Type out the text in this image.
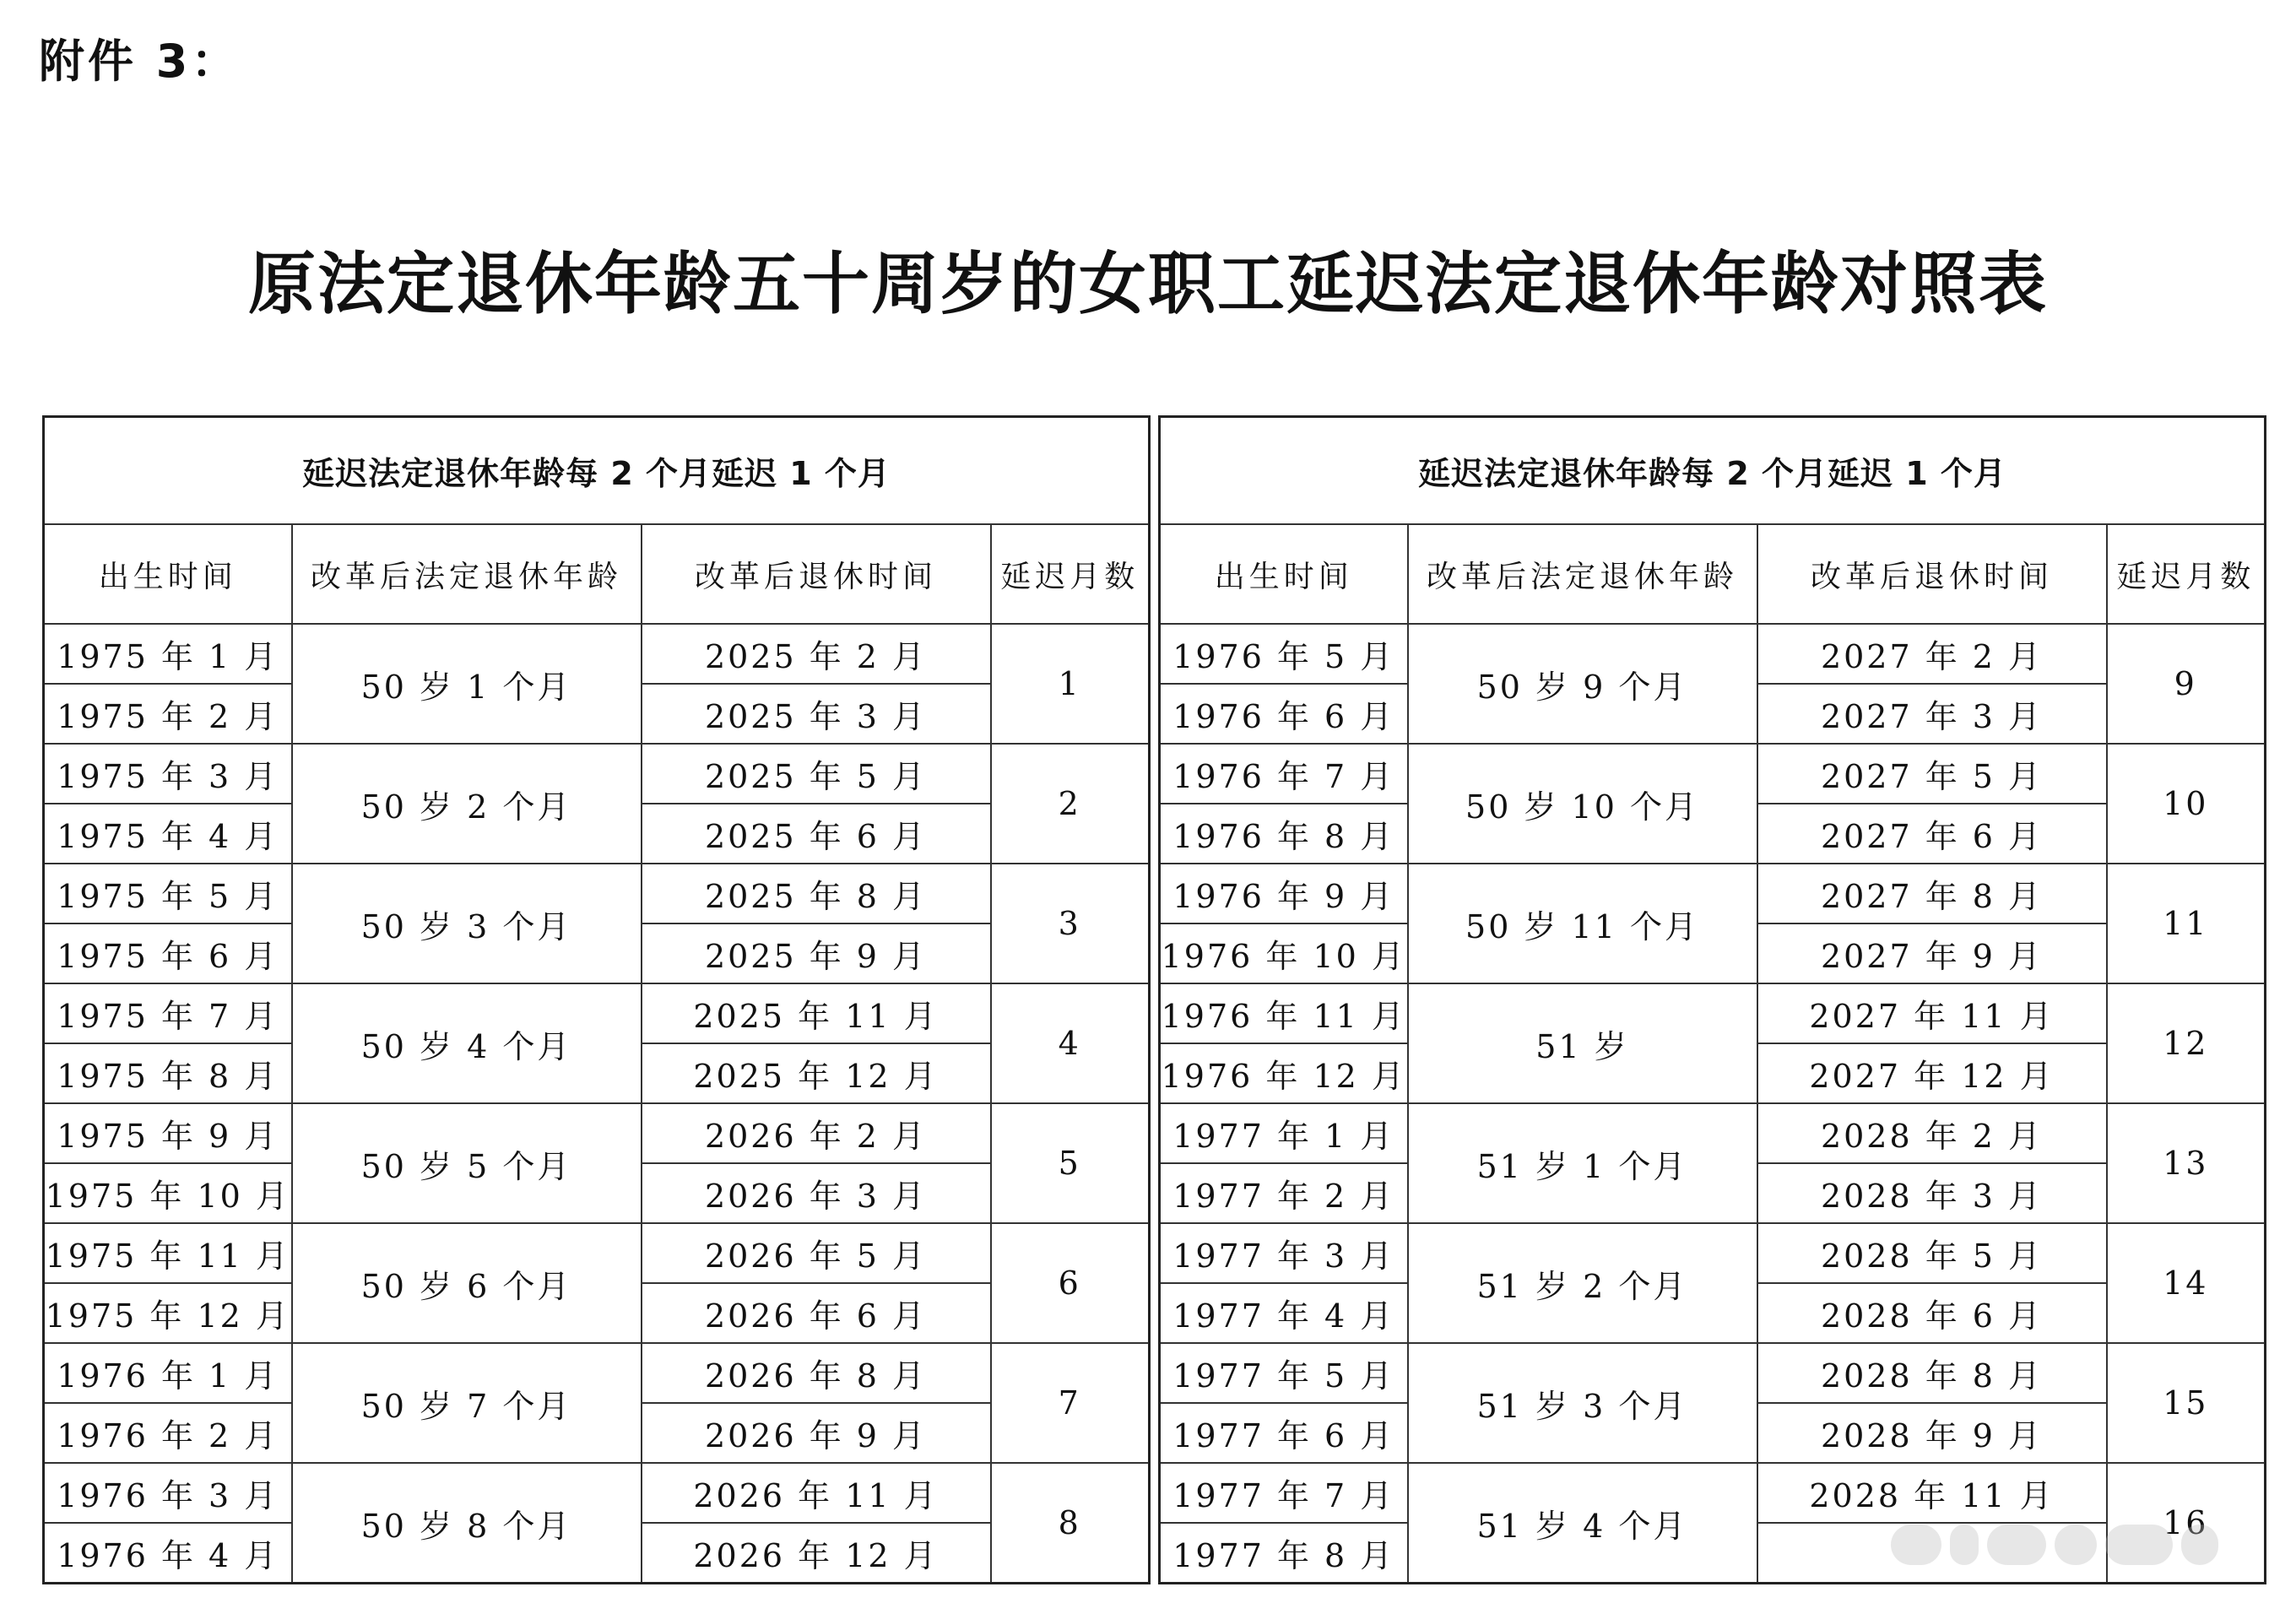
附件 3：
原法定退休年龄五十周岁的女职工延迟法定退休年龄对照表
延迟法定退休年龄每 2 个月延迟 1 个月			
出生时间	改革后法定退休年龄	改革后退休时间	延迟月数
1975 年 1 月	50 岁 1 个月	2025 年 2 月	1
1975 年 2 月		2025 年 3 月	
1975 年 3 月	50 岁 2 个月	2025 年 5 月	2
1975 年 4 月		2025 年 6 月	
1975 年 5 月	50 岁 3 个月	2025 年 8 月	3
1975 年 6 月		2025 年 9 月	
1975 年 7 月	50 岁 4 个月	2025 年 11 月	4
1975 年 8 月		2025 年 12 月	
1975 年 9 月	50 岁 5 个月	2026 年 2 月	5
1975 年 10 月		2026 年 3 月	
1975 年 11 月	50 岁 6 个月	2026 年 5 月	6
1975 年 12 月		2026 年 6 月	
1976 年 1 月	50 岁 7 个月	2026 年 8 月	7
1976 年 2 月		2026 年 9 月	
1976 年 3 月	50 岁 8 个月	2026 年 11 月	8
1976 年 4 月		2026 年 12 月	
延迟法定退休年龄每 2 个月延迟 1 个月			
出生时间	改革后法定退休年龄	改革后退休时间	延迟月数
1976 年 5 月	50 岁 9 个月	2027 年 2 月	9
1976 年 6 月		2027 年 3 月	
1976 年 7 月	50 岁 10 个月	2027 年 5 月	10
1976 年 8 月		2027 年 6 月	
1976 年 9 月	50 岁 11 个月	2027 年 8 月	11
1976 年 10 月		2027 年 9 月	
1976 年 11 月	51 岁	2027 年 11 月	12
1976 年 12 月		2027 年 12 月	
1977 年 1 月	51 岁 1 个月	2028 年 2 月	13
1977 年 2 月		2028 年 3 月	
1977 年 3 月	51 岁 2 个月	2028 年 5 月	14
1977 年 4 月		2028 年 6 月	
1977 年 5 月	51 岁 3 个月	2028 年 8 月	15
1977 年 6 月		2028 年 9 月	
1977 年 7 月	51 岁 4 个月	2028 年 11 月	16
1977 年 8 月			
